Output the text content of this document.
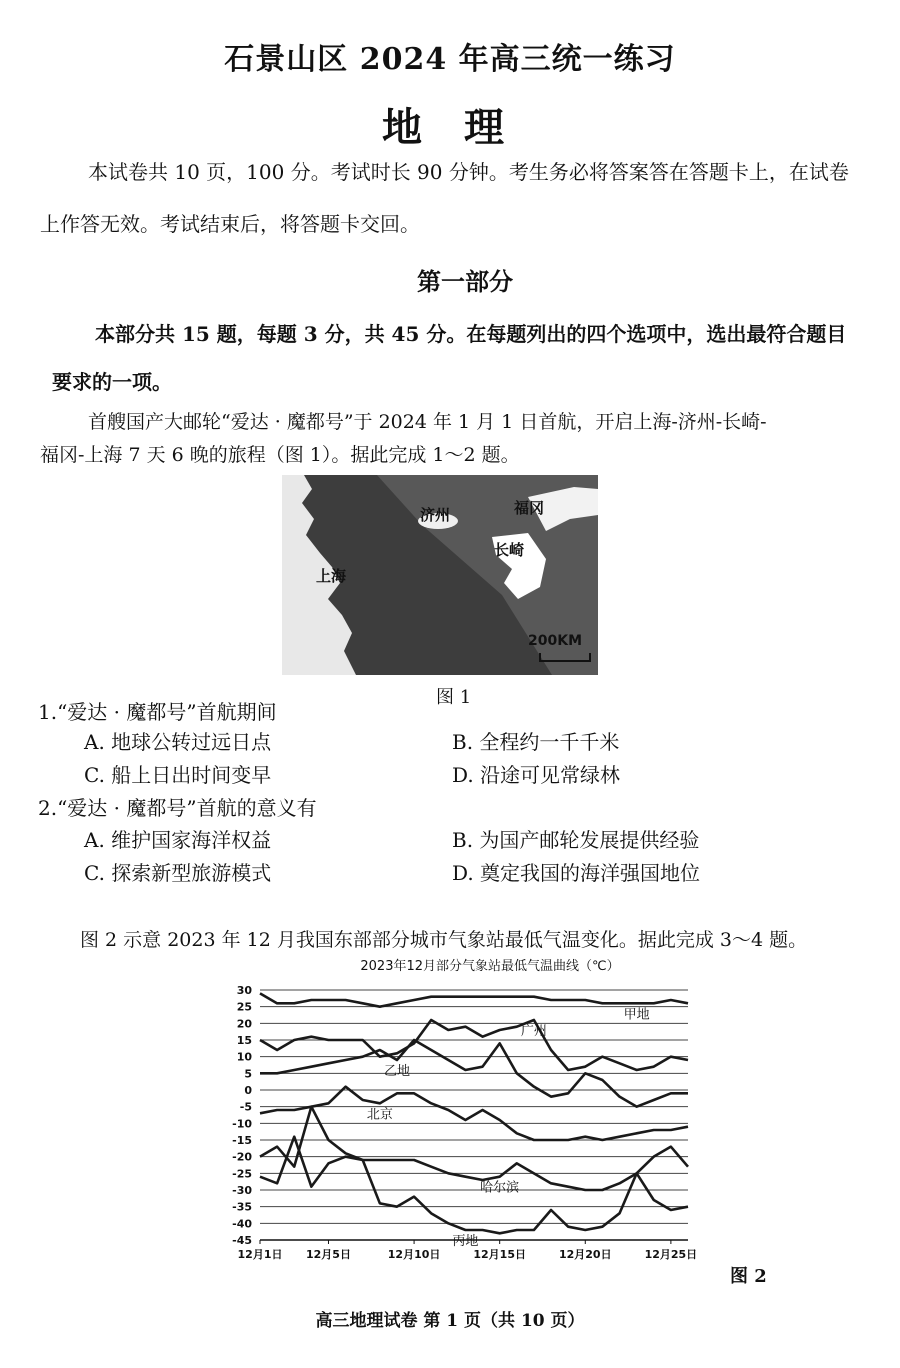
石景山区 2024 年高三统一练习
地 理
本试卷共 10 页，100 分。考试时长 90 分钟。考生务必将答案答在答题卡上，在试卷
上作答无效。考试结束后，将答题卡交回。
第一部分
本部分共 15 题，每题 3 分，共 45 分。在每题列出的四个选项中，选出最符合题目
要求的一项。
首艘国产大邮轮“爱达 · 魔都号”于 2024 年 1 月 1 日首航，开启上海-济州-长崎-
福冈-上海 7 天 6 晚的旅程（图 1）。据此完成 1～2 题。
济州	福冈
长崎
上海
200KM
图 1
1.“爱达 · 魔都号”首航期间
A. 地球公转过远日点	B. 全程约一千千米
C. 船上日出时间变早	D. 沿途可见常绿林
2.“爱达 · 魔都号”首航的意义有
A. 维护国家海洋权益	B. 为国产邮轮发展提供经验
C. 探索新型旅游模式	D. 奠定我国的海洋强国地位
图 2 示意 2023 年 12 月我国东部部分城市气象站最低气温变化。据此完成 3～4 题。
2023年12月部分气象站最低气温曲线（℃）
30
25
20
15
10
5
0
-5
-10
-15
-20
-25
-30
-35
-40
-45
12月1日 12月5日	12月10日	12月15日	12月20日	12月25日
甲地
广州
乙地
北京
哈尔滨
丙地
图 2
高三地理试卷 第 1 页（共 10 页）
